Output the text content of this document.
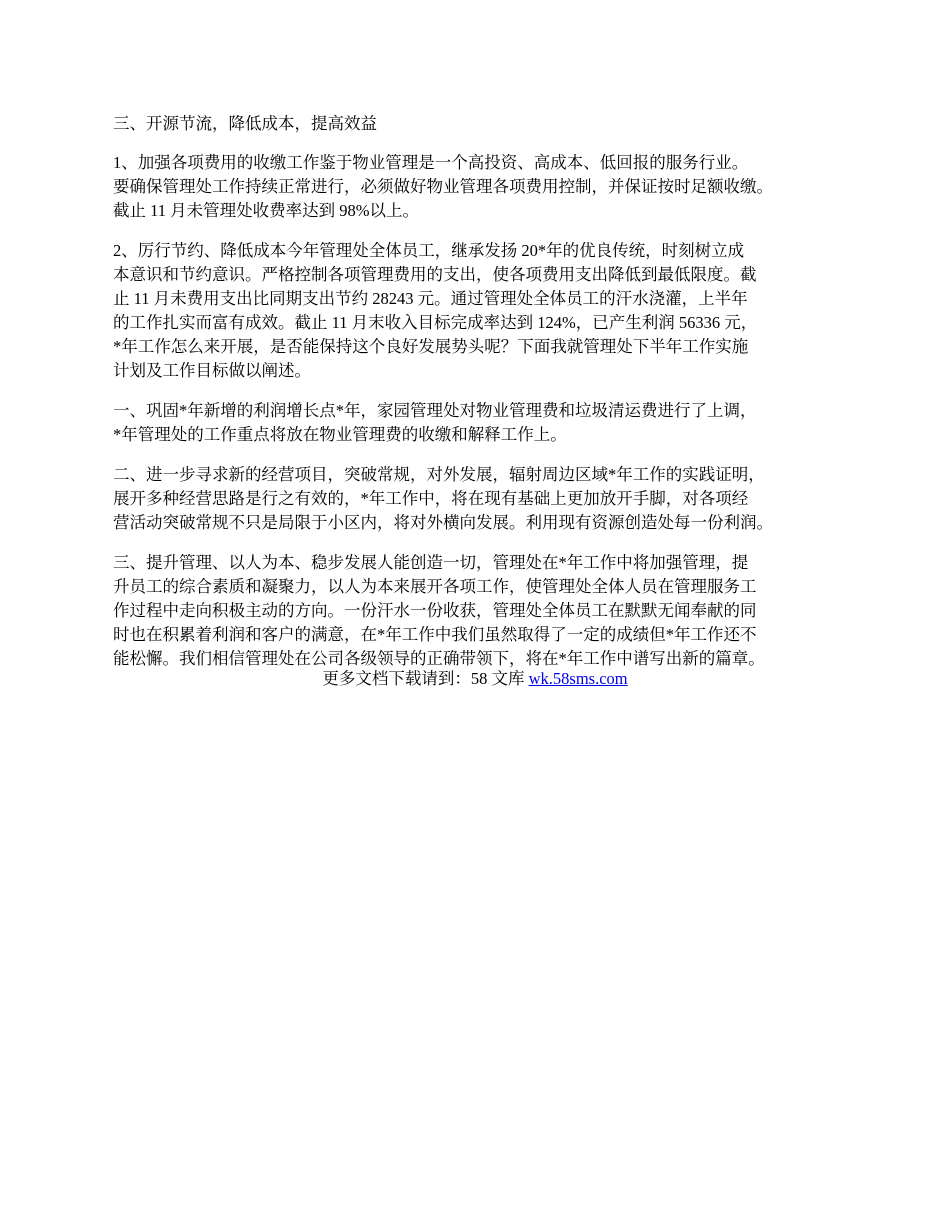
三、开源节流，降低成本，提高效益

1、加强各项费用的收缴工作鉴于物业管理是一个高投资、高成本、低回报的服务行业。
要确保管理处工作持续正常进行，必须做好物业管理各项费用控制，并保证按时足额收缴。
截止 11 月未管理处收费率达到 98%以上。
2、厉行节约、降低成本今年管理处全体员工，继承发扬 20*年的优良传统，时刻树立成
本意识和节约意识。严格控制各项管理费用的支出，使各项费用支出降低到最低限度。截
止 11 月未费用支出比同期支出节约 28243 元。通过管理处全体员工的汗水浇灌，上半年
的工作扎实而富有成效。截止 11 月末收入目标完成率达到 124%，已产生利润 56336 元，
*年工作怎么来开展，是否能保持这个良好发展势头呢？下面我就管理处下半年工作实施
计划及工作目标做以阐述。
一、巩固*年新增的利润增长点*年，家园管理处对物业管理费和垃圾清运费进行了上调，
*年管理处的工作重点将放在物业管理费的收缴和解释工作上。
二、进一步寻求新的经营项目，突破常规，对外发展，辐射周边区域*年工作的实践证明，
展开多种经营思路是行之有效的，*年工作中，将在现有基础上更加放开手脚，对各项经
营活动突破常规不只是局限于小区内，将对外横向发展。利用现有资源创造处每一份利润。
三、提升管理、以人为本、稳步发展人能创造一切，管理处在*年工作中将加强管理，提
升员工的综合素质和凝聚力，以人为本来展开各项工作，使管理处全体人员在管理服务工
作过程中走向积极主动的方向。一份汗水一份收获，管理处全体员工在默默无闻奉献的同
时也在积累着利润和客户的满意，在*年工作中我们虽然取得了一定的成绩但*年工作还不
能松懈。我们相信管理处在公司各级领导的正确带领下，将在*年工作中谱写出新的篇章。
更多文档下载请到：58 文库 wk.58sms.com
